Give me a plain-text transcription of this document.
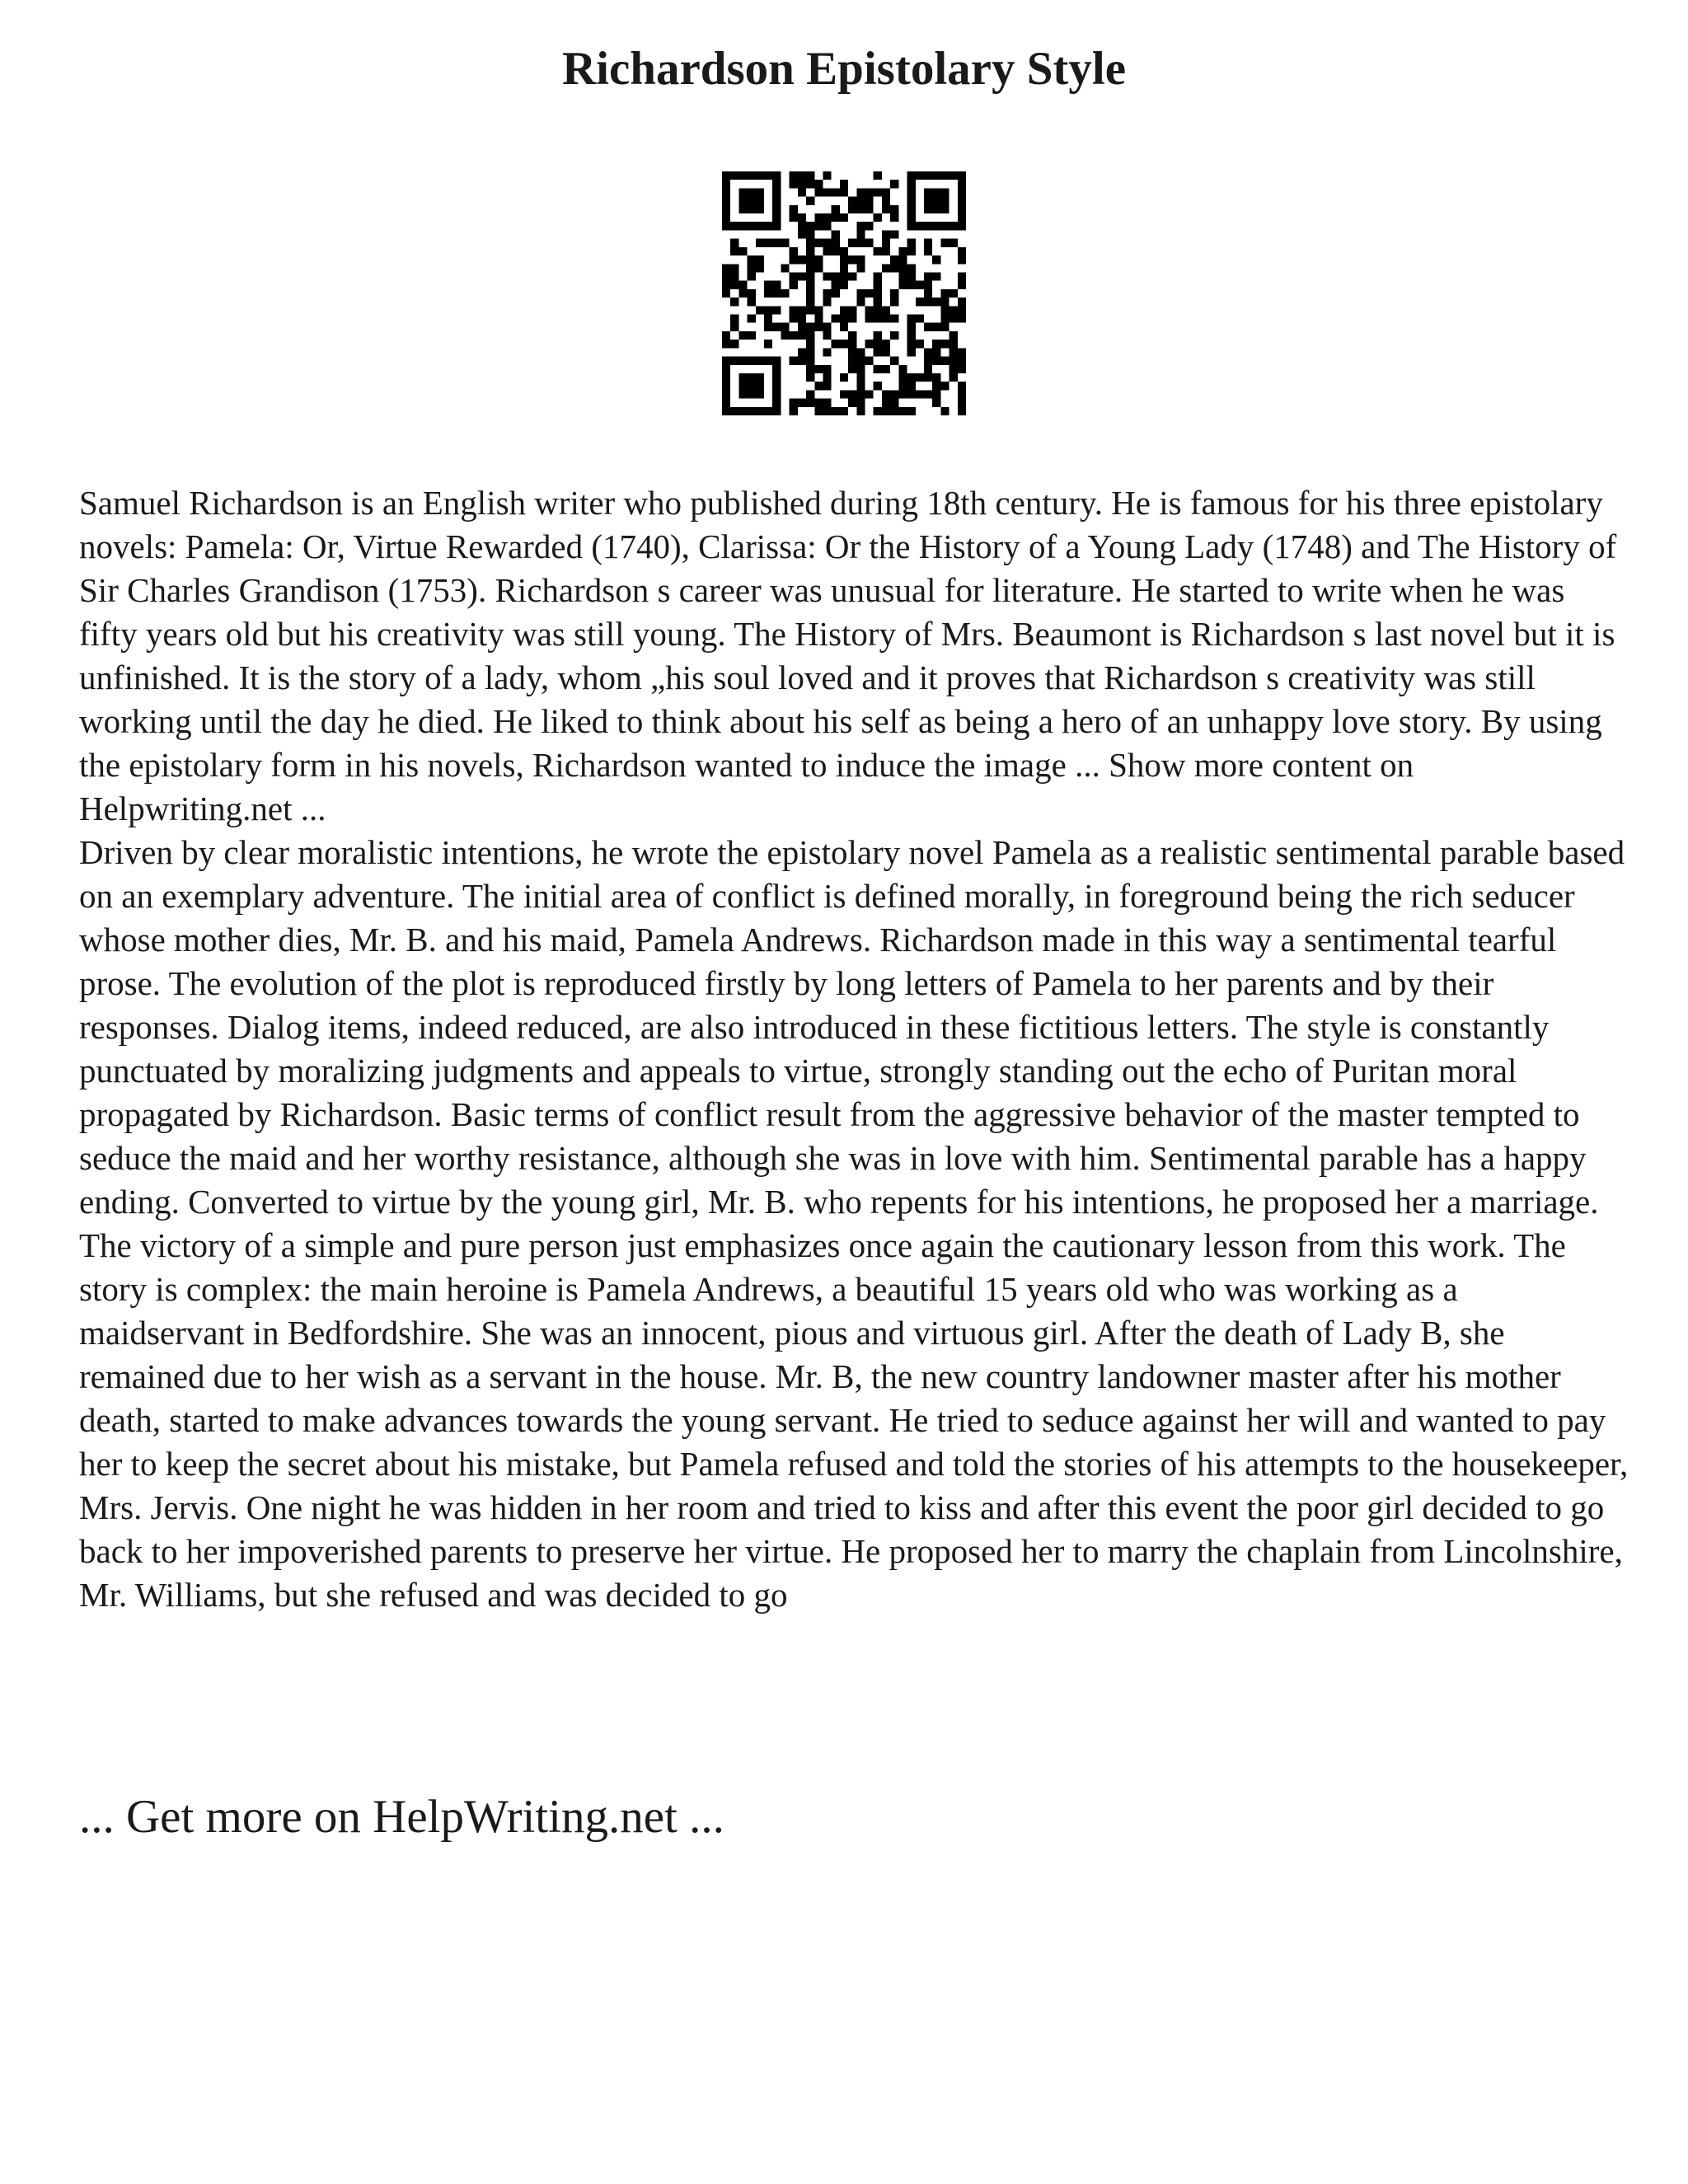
Richardson Epistolary Style

Samuel Richardson is an English writer who published during 18th century. He is famous for his three epistolary novels: Pamela: Or, Virtue Rewarded (1740), Clarissa: Or the History of a Young Lady (1748) and The History of Sir Charles Grandison (1753). Richardson s career was unusual for literature. He started to write when he was fifty years old but his creativity was still young. The History of Mrs. Beaumont is Richardson s last novel but it is unfinished. It is the story of a lady, whom „his soul loved and it proves that Richardson s creativity was still working until the day he died. He liked to think about his self as being a hero of an unhappy love story. By using the epistolary form in his novels, Richardson wanted to induce the image ... Show more content on Helpwriting.net ...

Driven by clear moralistic intentions, he wrote the epistolary novel Pamela as a realistic sentimental parable based on an exemplary adventure. The initial area of conflict is defined morally, in foreground being the rich seducer whose mother dies, Mr. B. and his maid, Pamela Andrews. Richardson made in this way a sentimental tearful prose. The evolution of the plot is reproduced firstly by long letters of Pamela to her parents and by their responses. Dialog items, indeed reduced, are also introduced in these fictitious letters. The style is constantly punctuated by moralizing judgments and appeals to virtue, strongly standing out the echo of Puritan moral propagated by Richardson. Basic terms of conflict result from the aggressive behavior of the master tempted to seduce the maid and her worthy resistance, although she was in love with him. Sentimental parable has a happy ending. Converted to virtue by the young girl, Mr. B. who repents for his intentions, he proposed her a marriage. The victory of a simple and pure person just emphasizes once again the cautionary lesson from this work. The story is complex: the main heroine is Pamela Andrews, a beautiful 15 years old who was working as a maidservant in Bedfordshire. She was an innocent, pious and virtuous girl. After the death of Lady B, she remained due to her wish as a servant in the house. Mr. B, the new country landowner master after his mother death, started to make advances towards the young servant. He tried to seduce against her will and wanted to pay her to keep the secret about his mistake, but Pamela refused and told the stories of his attempts to the housekeeper, Mrs. Jervis. One night he was hidden in her room and tried to kiss and after this event the poor girl decided to go back to her impoverished parents to preserve her virtue. He proposed her to marry the chaplain from Lincolnshire, Mr. Williams, but she refused and was decided to go

... Get more on HelpWriting.net ...
